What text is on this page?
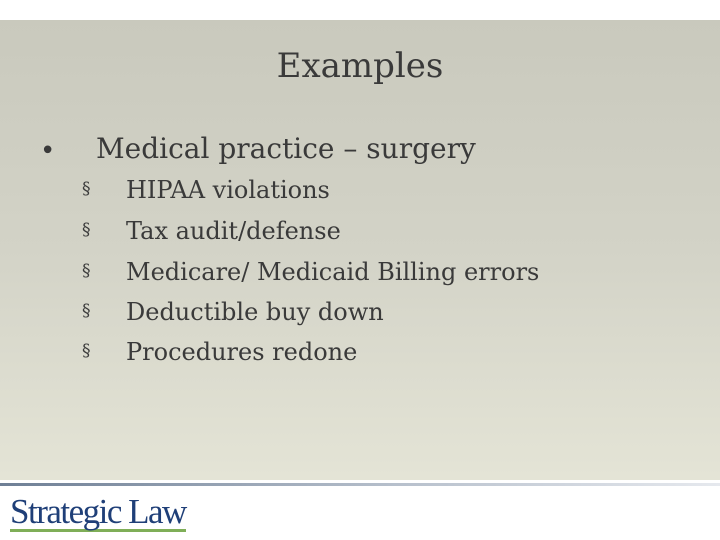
Examples
• Medical practice – surgery
§ HIPAA violations
§ Tax audit/defense
§ Medicare/ Medicaid Billing errors
§ Deductible buy down
§ Procedures redone
Strategic Law
